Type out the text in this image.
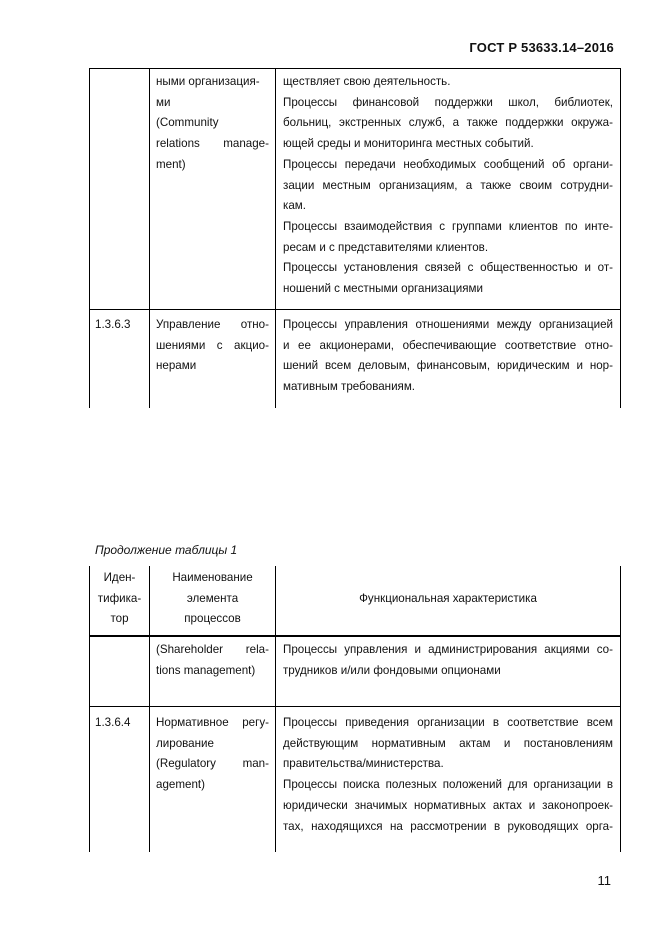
ГОСТ Р 53633.14–2016
ными организация-
ми
(Community
relations manage-
ment)
ществляет свою деятельность.
Процессы финансовой поддержки школ, библиотек,
больниц, экстренных служб, а также поддержки окружа-
ющей среды и мониторинга местных событий.
Процессы передачи необходимых сообщений об органи-
зации местным организациям, а также своим сотрудни-
кам.
Процессы взаимодействия с группами клиентов по инте-
ресам и с представителями клиентов.
Процессы установления связей с общественностью и от-
ношений с местными организациями
1.3.6.3	Управление отно-
шениями с акцио-
нерами
Процессы управления отношениями между организацией
и ее акционерами, обеспечивающие соответствие отно-
шений всем деловым, финансовым, юридическим и нор-
мативным требованиям.
Продолжение таблицы 1
Иден-
тифика-
тор
Наименование
элемента
процессов
Функциональная характеристика
(Shareholder rela-
tions management)
Процессы управления и администрирования акциями со-
трудников и/или фондовыми опционами
1.3.6.4	Нормативное регу-
лирование
(Regulatory man-
agement)
Процессы приведения организации в соответствие всем
действующим нормативным актам и постановлениям
правительства/министерства.
Процессы поиска полезных положений для организации в
юридически значимых нормативных актах и законопроек-
тах, находящихся на рассмотрении в руководящих орга-
11
